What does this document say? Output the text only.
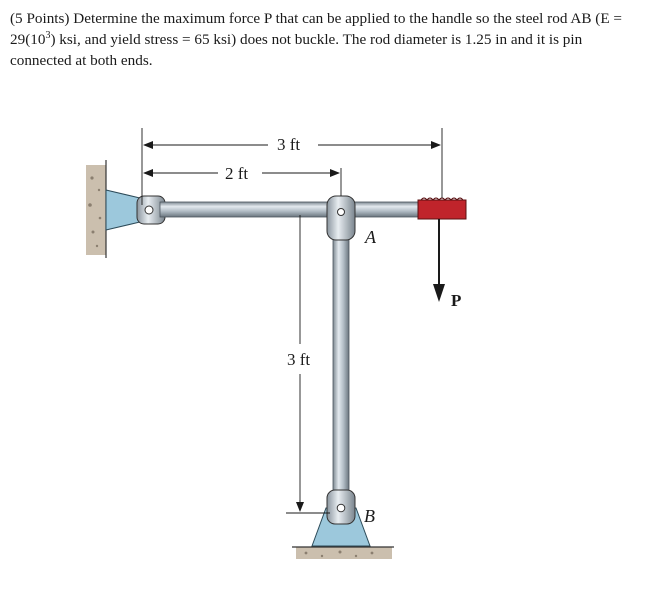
(5 Points) Determine the maximum force P that can be applied to the handle so the steel rod AB ($E = 29(10^3)$ ksi, and yield stress = 65 ksi) does not buckle. The rod diameter is 1.25 in and it is pin connected at both ends.
3 ft
2 ft
3 ft
A
B
P
